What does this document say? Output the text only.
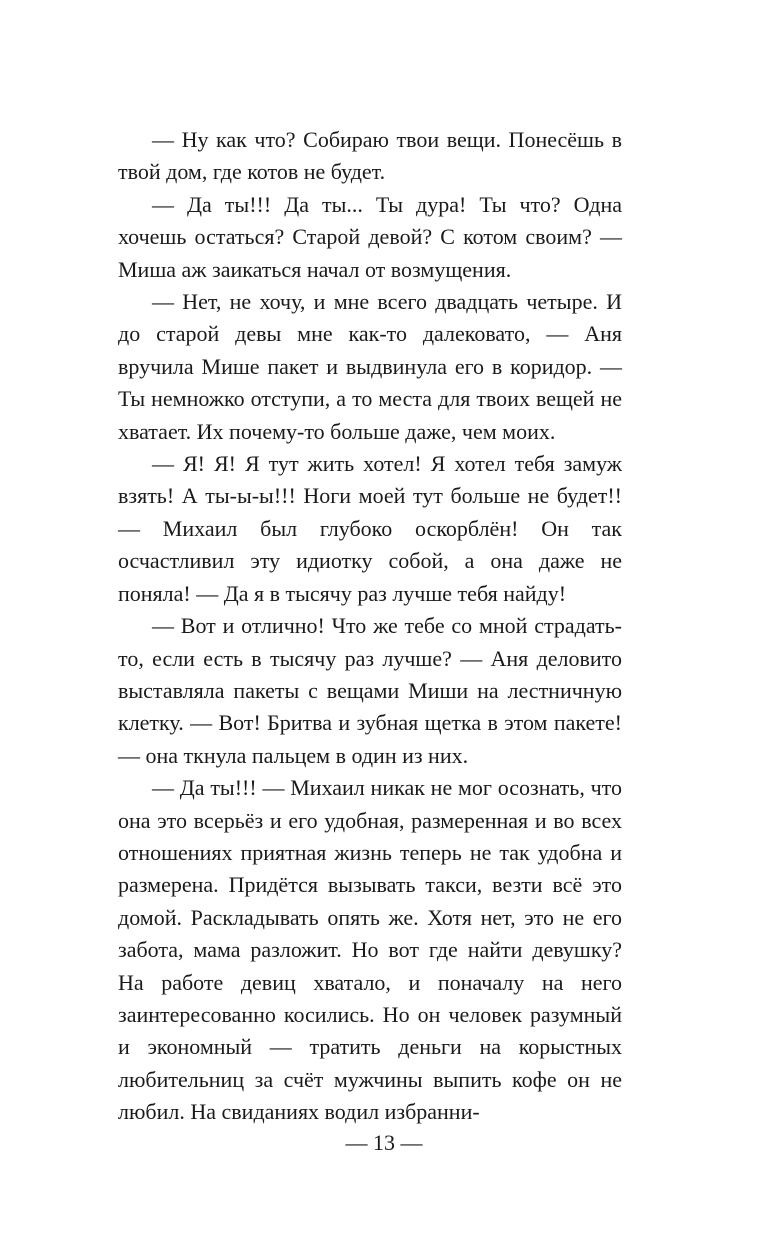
— Ну как что? Собираю твои вещи. Понесёшь в твой дом, где котов не будет.

— Да ты!!! Да ты... Ты дура! Ты что? Одна хочешь остаться? Старой девой? С котом своим? — Миша аж заикаться начал от возмущения.

— Нет, не хочу, и мне всего двадцать четыре. И до старой девы мне как-то далековато, — Аня вручила Мише пакет и выдвинула его в коридор. — Ты немножко отступи, а то места для твоих вещей не хватает. Их почему-то больше даже, чем моих.

— Я! Я! Я тут жить хотел! Я хотел тебя замуж взять! А ты-ы-ы!!! Ноги моей тут больше не будет!! — Михаил был глубоко оскорблён! Он так осчастливил эту идиотку собой, а она даже не поняла! — Да я в тысячу раз лучше тебя найду!

— Вот и отлично! Что же тебе со мной страдать-то, если есть в тысячу раз лучше? — Аня деловито выставляла пакеты с вещами Миши на лестничную клетку. — Вот! Бритва и зубная щетка в этом пакете! — она ткнула пальцем в один из них.

— Да ты!!! — Михаил никак не мог осознать, что она это всерьёз и его удобная, размеренная и во всех отношениях приятная жизнь теперь не так удобна и размерена. Придётся вызывать такси, везти всё это домой. Раскладывать опять же. Хотя нет, это не его забота, мама разложит. Но вот где найти девушку? На работе девиц хватало, и поначалу на него заинтересованно косились. Но он человек разумный и экономный — тратить деньги на корыстных любительниц за счёт мужчины выпить кофе он не любил. На свиданиях водил избранни-

— 13 —
